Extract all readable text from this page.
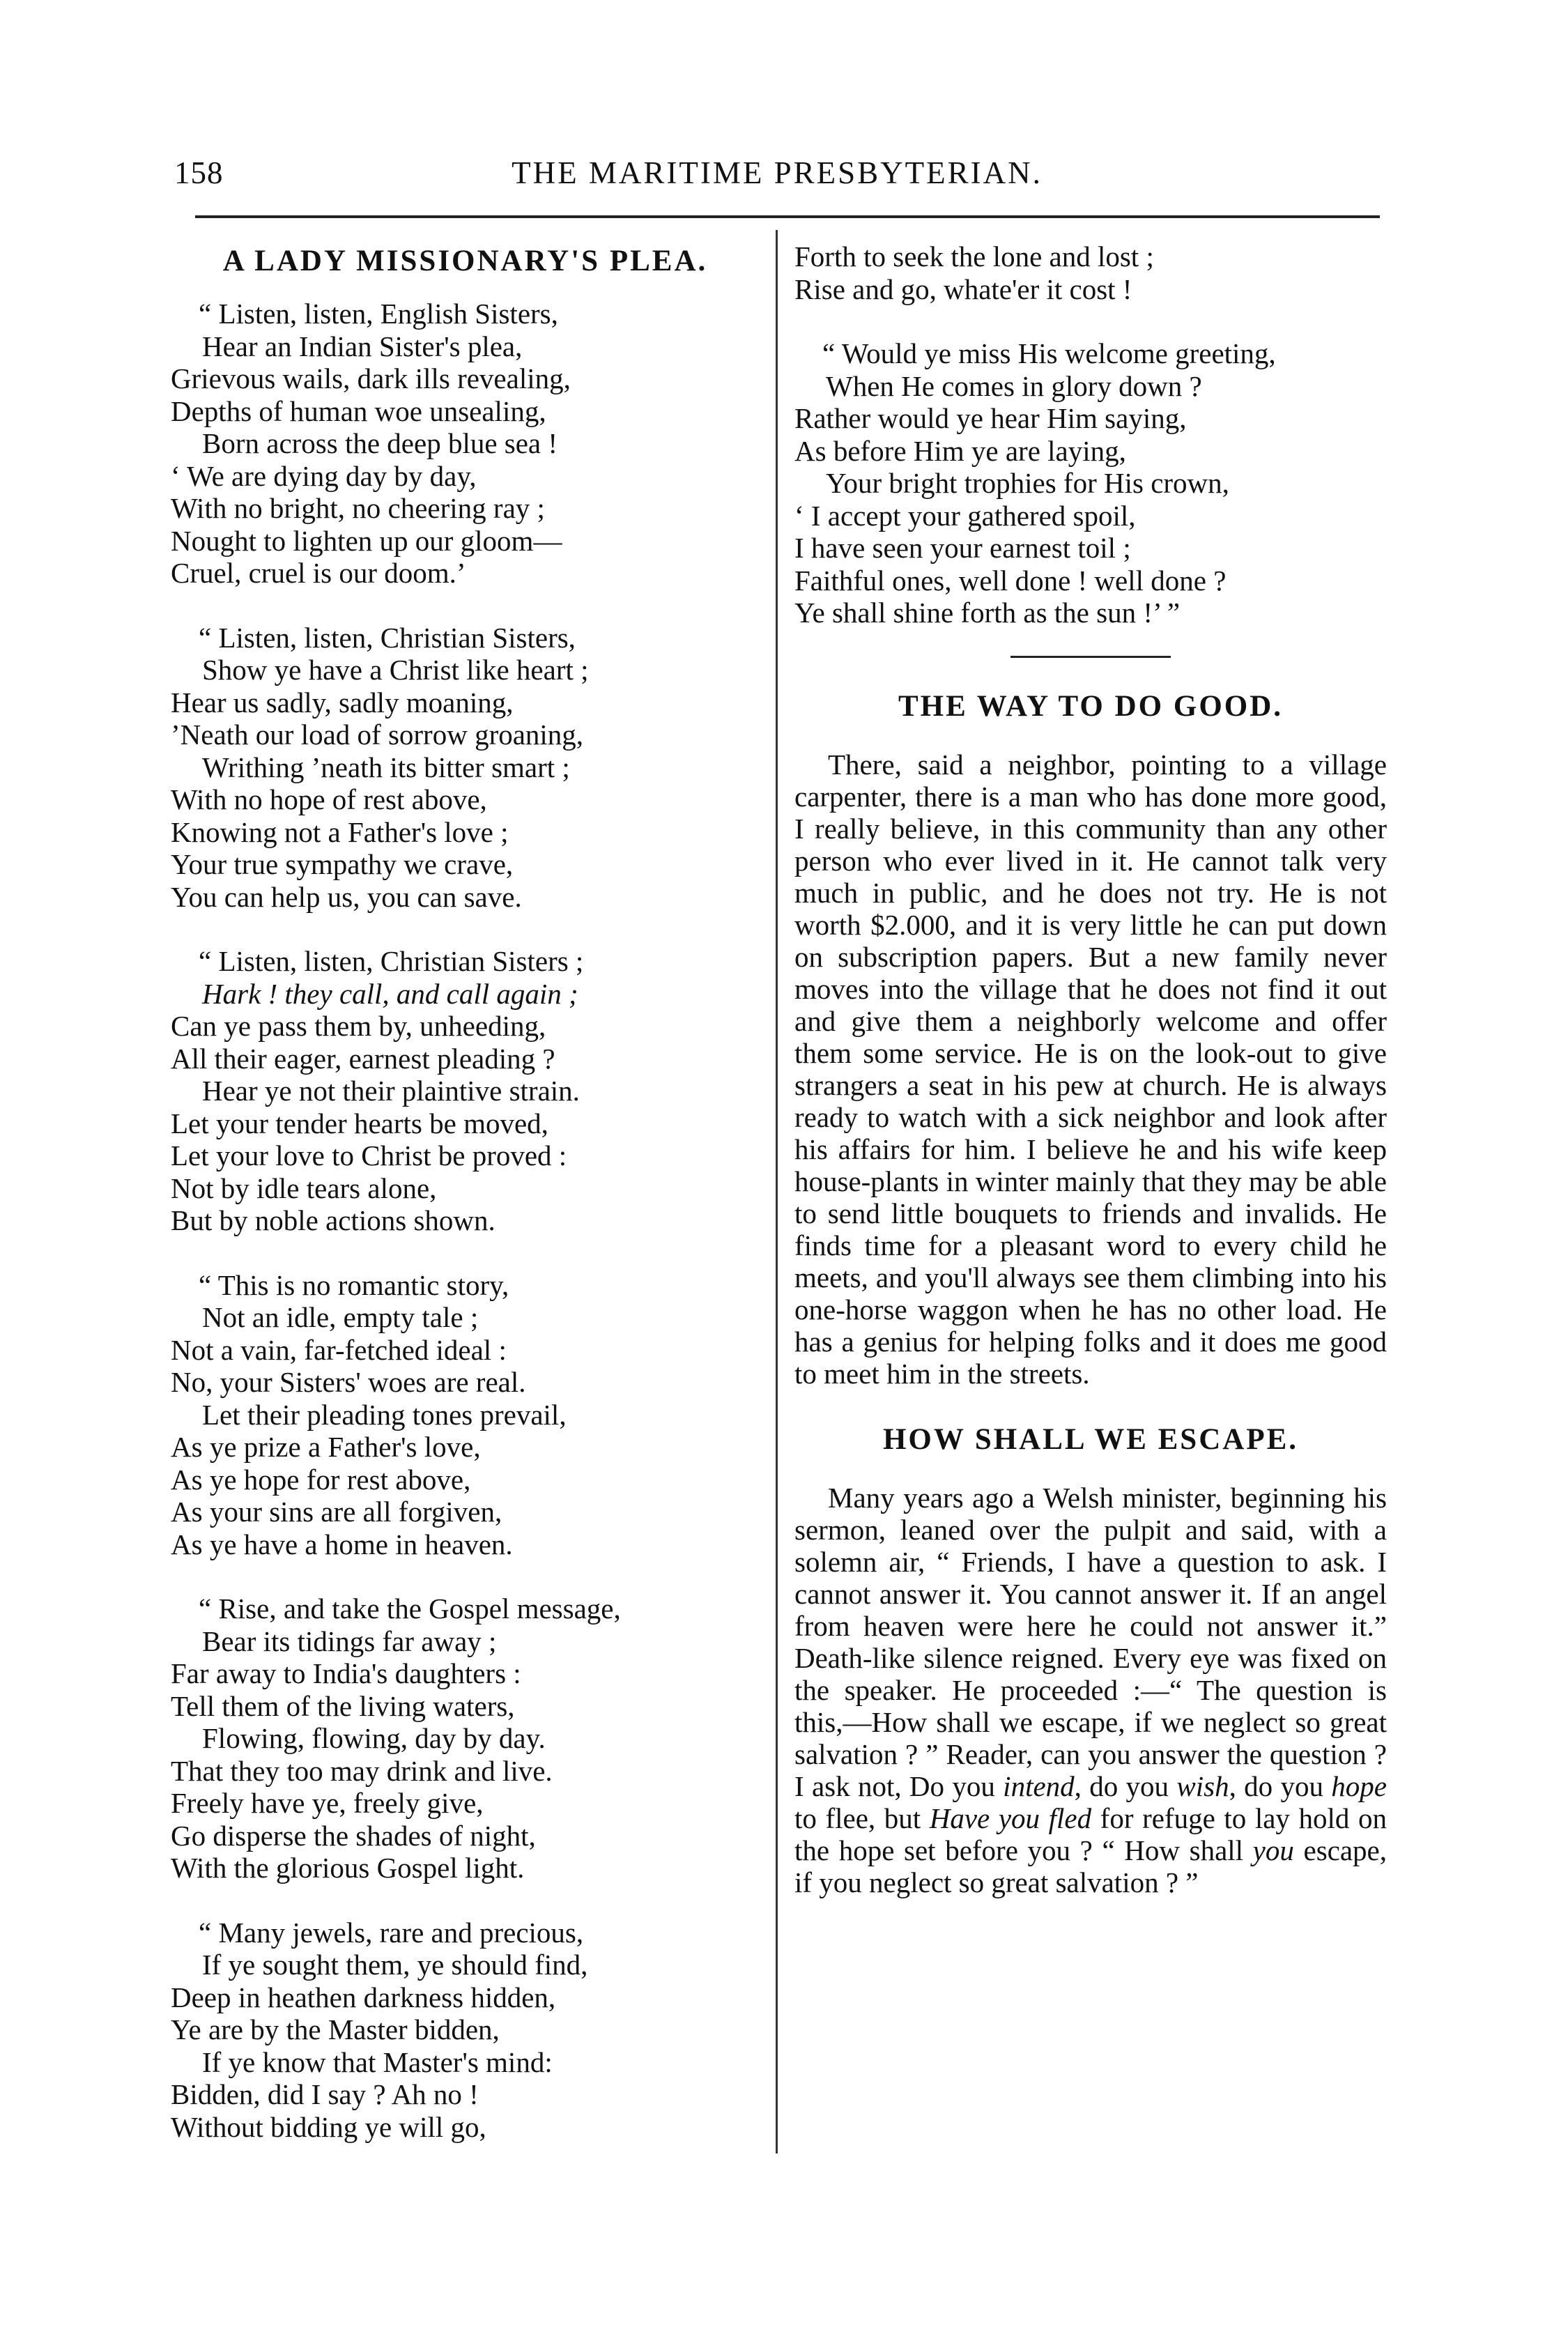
158	THE MARITIME PRESBYTERIAN.
A LADY MISSIONARY'S PLEA.
“ Listen, listen, English Sisters,
Hear an Indian Sister's plea,
Grievous wails, dark ills revealing,
Depths of human woe unsealing,
Born across the deep blue sea !
‘ We are dying day by day,
With no bright, no cheering ray ;
Nought to lighten up our gloom—
Cruel, cruel is our doom.’
“ Listen, listen, Christian Sisters,
Show ye have a Christ like heart ;
Hear us sadly, sadly moaning,
’Neath our load of sorrow groaning,
Writhing ’neath its bitter smart ;
With no hope of rest above,
Knowing not a Father's love ;
Your true sympathy we crave,
You can help us, you can save.
“ Listen, listen, Christian Sisters ;
Hark ! they call, and call again ;
Can ye pass them by, unheeding,
All their eager, earnest pleading ?
Hear ye not their plaintive strain.
Let your tender hearts be moved,
Let your love to Christ be proved :
Not by idle tears alone,
But by noble actions shown.
“ This is no romantic story,
Not an idle, empty tale ;
Not a vain, far-fetched ideal :
No, your Sisters' woes are real.
Let their pleading tones prevail,
As ye prize a Father's love,
As ye hope for rest above,
As your sins are all forgiven,
As ye have a home in heaven.
“ Rise, and take the Gospel message,
Bear its tidings far away ;
Far away to India's daughters :
Tell them of the living waters,
Flowing, flowing, day by day.
That they too may drink and live.
Freely have ye, freely give,
Go disperse the shades of night,
With the glorious Gospel light.
“ Many jewels, rare and precious,
If ye sought them, ye should find,
Deep in heathen darkness hidden,
Ye are by the Master bidden,
If ye know that Master's mind:
Bidden, did I say ? Ah no !
Without bidding ye will go,
Forth to seek the lone and lost ;
Rise and go, whate'er it cost !
“ Would ye miss His welcome greeting,
When He comes in glory down ?
Rather would ye hear Him saying,
As before Him ye are laying,
Your bright trophies for His crown,
‘ I accept your gathered spoil,
I have seen your earnest toil ;
Faithful ones, well done ! well done ?
Ye shall shine forth as the sun !’ ”
THE WAY TO DO GOOD.

There, said a neighbor, pointing to a village carpenter, there is a man who has done more good, I really believe, in this community than any other person who ever lived in it. He cannot talk very much in public, and he does not try. He is not worth $2.000, and it is very little he can put down on subscription papers. But a new family never moves into the village that he does not find it out and give them a neighborly welcome and offer them some service. He is on the look-out to give strangers a seat in his pew at church. He is always ready to watch with a sick neighbor and look after his affairs for him. I believe he and his wife keep house-plants in winter mainly that they may be able to send little bouquets to friends and invalids. He finds time for a pleasant word to every child he meets, and you'll always see them climbing into his one-horse waggon when he has no other load. He has a genius for helping folks and it does me good to meet him in the streets.

HOW SHALL WE ESCAPE.

Many years ago a Welsh minister, beginning his sermon, leaned over the pulpit and said, with a solemn air, “ Friends, I have a question to ask. I cannot answer it. You cannot answer it. If an angel from heaven were here he could not answer it.” Death-like silence reigned. Every eye was fixed on the speaker. He proceeded :—“ The question is this,—How shall we escape, if we neglect so great salvation ? ” Reader, can you answer the question ? I ask not, Do you intend, do you wish, do you hope to flee, but Have you fled for refuge to lay hold on the hope set before you ? “ How shall you escape, if you neglect so great salvation ? ”
